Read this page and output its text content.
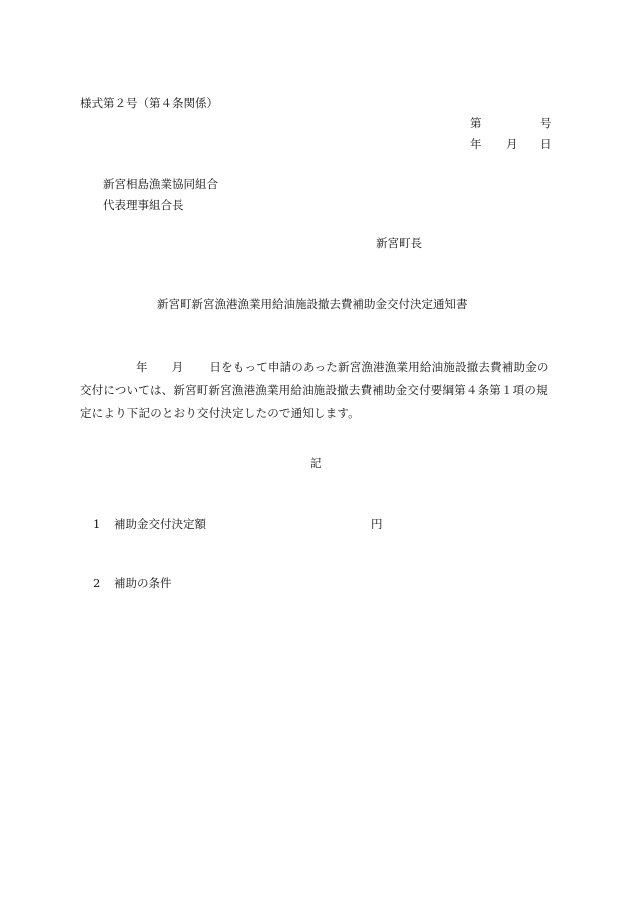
様式第２号（第４条関係）
第	号
年 月 日
新宮相島漁業協同組合
代表理事組合長
新宮町長
新宮町新宮漁港漁業用給油施設撤去費補助金交付決定通知書
年 月 日をもって申請のあった新宮漁港漁業用給油施設撤去費補助金の交付については、新宮町新宮漁港漁業用給油施設撤去費補助金交付要綱第４条第１項の規定により下記のとおり交付決定したので通知します。
記
1 補助金交付決定額	円
2 補助の条件
